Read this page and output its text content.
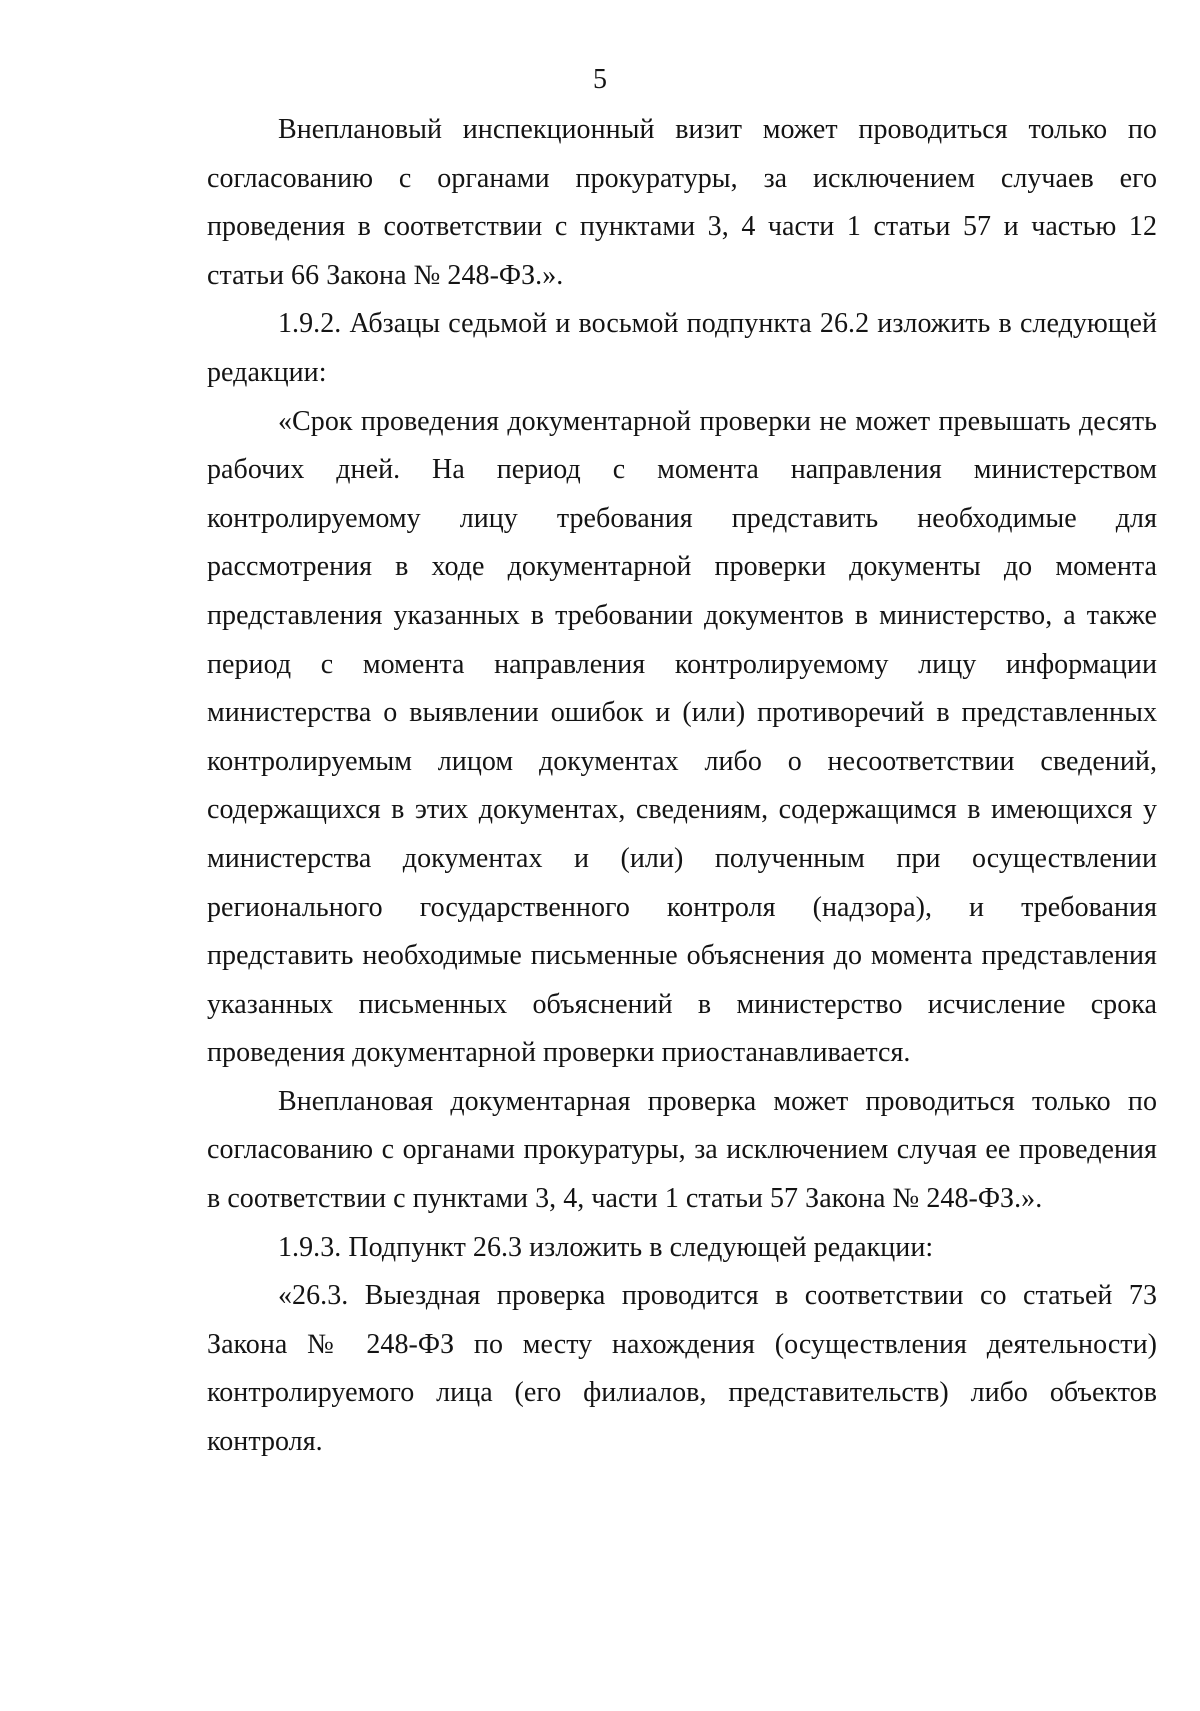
5

Внеплановый инспекционный визит может проводиться только по согласованию с органами прокуратуры, за исключением случаев его проведения в соответствии с пунктами 3, 4 части 1 статьи 57 и частью 12 статьи 66 Закона № 248-ФЗ.».

1.9.2. Абзацы седьмой и восьмой подпункта 26.2 изложить в следующей редакции:

«Срок проведения документарной проверки не может превышать десять рабочих дней. На период с момента направления министерством контролируемому лицу требования представить необходимые для рассмотрения в ходе документарной проверки документы до момента представления указанных в требовании документов в министерство, а также период с момента направления контролируемому лицу информации министерства о выявлении ошибок и (или) противоречий в представленных контролируемым лицом документах либо о несоответствии сведений, содержащихся в этих документах, сведениям, содержащимся в имеющихся у министерства документах и (или) полученным при осуществлении регионального государственного контроля (надзора), и требования представить необходимые письменные объяснения до момента представления указанных письменных объяснений в министерство исчисление срока проведения документарной проверки приостанавливается.

Внеплановая документарная проверка может проводиться только по согласованию с органами прокуратуры, за исключением случая ее проведения в соответствии с пунктами 3, 4, части 1 статьи 57 Закона № 248-ФЗ.».

1.9.3. Подпункт 26.3 изложить в следующей редакции:

«26.3. Выездная проверка проводится в соответствии со статьей 73 Закона № 248-ФЗ по месту нахождения (осуществления деятельности) контролируемого лица (его филиалов, представительств) либо объектов контроля.
